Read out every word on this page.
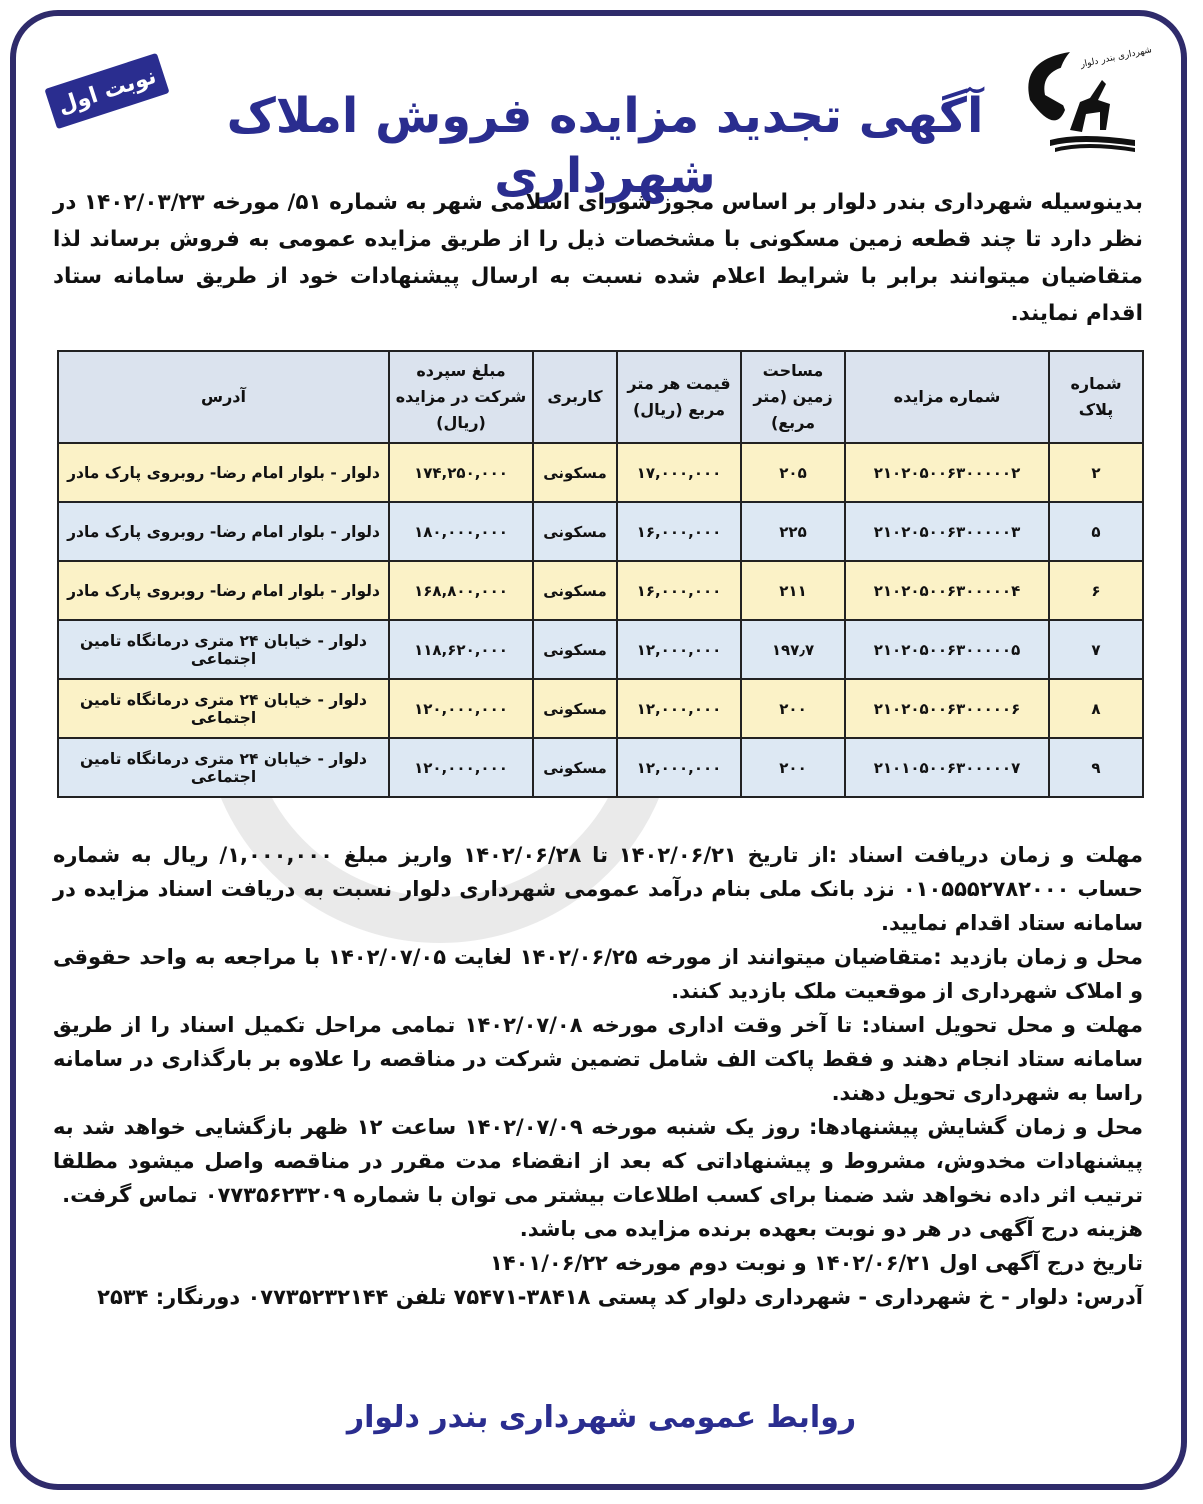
نوبت اول	آگهی تجدید مزایده فروش املاک شهرداری
شهرداری بندر دلوار
بدینوسیله شهرداری بندر دلوار بر اساس مجوز شورای اسلامی شهر به شماره ۵۱/ مورخه ۱۴۰۲/۰۳/۲۳ در نظر دارد تا چند قطعه زمین مسکونی با مشخصات ذیل را از طریق مزایده عمومی به فروش برساند لذا متقاضیان میتوانند برابر با شرایط اعلام شده نسبت به ارسال پیشنهادات خود از طریق سامانه ستاد اقدام نمایند.
شماره پلاک	شماره مزایده	مساحت زمین (متر مربع)	قیمت هر متر مربع (ریال)	کاربری	مبلغ سپرده شرکت در مزایده (ریال)	آدرس
۲	۲۱۰۲۰۵۰۰۶۳۰۰۰۰۰۲	۲۰۵	۱۷,۰۰۰,۰۰۰	مسکونی	۱۷۴,۲۵۰,۰۰۰	دلوار - بلوار امام رضا- روبروی پارک مادر
۵	۲۱۰۲۰۵۰۰۶۳۰۰۰۰۰۳	۲۲۵	۱۶,۰۰۰,۰۰۰	مسکونی	۱۸۰,۰۰۰,۰۰۰	دلوار - بلوار امام رضا- روبروی پارک مادر
۶	۲۱۰۲۰۵۰۰۶۳۰۰۰۰۰۴	۲۱۱	۱۶,۰۰۰,۰۰۰	مسکونی	۱۶۸,۸۰۰,۰۰۰	دلوار - بلوار امام رضا- روبروی پارک مادر
۷	۲۱۰۲۰۵۰۰۶۳۰۰۰۰۰۵	۱۹۷٫۷	۱۲,۰۰۰,۰۰۰	مسکونی	۱۱۸,۶۲۰,۰۰۰	دلوار - خیابان ۲۴ متری درمانگاه تامین اجتماعی
۸	۲۱۰۲۰۵۰۰۶۳۰۰۰۰۰۶	۲۰۰	۱۲,۰۰۰,۰۰۰	مسکونی	۱۲۰,۰۰۰,۰۰۰	دلوار - خیابان ۲۴ متری درمانگاه تامین اجتماعی
۹	۲۱۰۱۰۵۰۰۶۳۰۰۰۰۰۷	۲۰۰	۱۲,۰۰۰,۰۰۰	مسکونی	۱۲۰,۰۰۰,۰۰۰	دلوار - خیابان ۲۴ متری درمانگاه تامین اجتماعی

مهلت و زمان دریافت اسناد :از تاریخ ۱۴۰۲/۰۶/۲۱ تا ۱۴۰۲/۰۶/۲۸ واریز مبلغ ۱,۰۰۰,۰۰۰/ ریال به شماره حساب ۰۱۰۵۵۵۲۷۸۲۰۰۰ نزد بانک ملی بنام درآمد عمومی شهرداری دلوار نسبت به دریافت اسناد مزایده در سامانه ستاد اقدام نمایید.

محل و زمان بازدید :متقاضیان میتوانند از مورخه ۱۴۰۲/۰۶/۲۵ لغایت ۱۴۰۲/۰۷/۰۵ با مراجعه به واحد حقوقی و املاک شهرداری از موقعیت ملک بازدید کنند.

مهلت و محل تحویل اسناد: تا آخر وقت اداری مورخه ۱۴۰۲/۰۷/۰۸ تمامی مراحل تکمیل اسناد را از طریق سامانه ستاد انجام دهند و فقط پاکت الف شامل تضمین شرکت در مناقصه را علاوه بر بارگذاری در سامانه راسا به شهرداری تحویل دهند.

محل و زمان گشایش پیشنهادها: روز یک شنبه مورخه ۱۴۰۲/۰۷/۰۹ ساعت ۱۲ ظهر بازگشایی خواهد شد به پیشنهادات مخدوش، مشروط و پیشنهاداتی که بعد از انقضاء مدت مقرر در مناقصه واصل میشود مطلقا ترتیب اثر داده نخواهد شد ضمنا برای کسب اطلاعات بیشتر می توان با شماره ۰۷۷۳۵۶۲۳۲۰۹ تماس گرفت.

هزینه درج آگهی در هر دو نوبت بعهده برنده مزایده می باشد.

تاریخ درج آگهی اول ۱۴۰۲/۰۶/۲۱ و نوبت دوم مورخه ۱۴۰۱/۰۶/۲۲

آدرس: دلوار - خ شهرداری - شهرداری دلوار کد پستی ۳۸۴۱۸-۷۵۴۷۱ تلفن ۰۷۷۳۵۲۳۲۱۴۴ دورنگار: ۲۵۳۴

روابط عمومی شهرداری بندر دلوار
